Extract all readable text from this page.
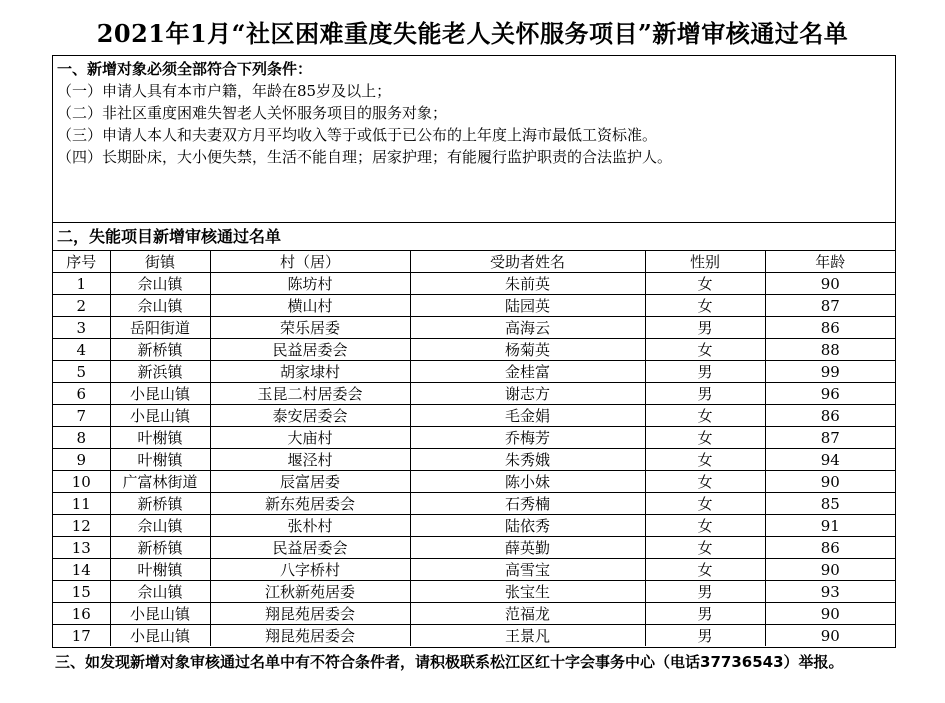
2021年1月“社区困难重度失能老人关怀服务项目”新增审核通过名单
一、新增对象必须全部符合下列条件：
（一）申请人具有本市户籍，年龄在85岁及以上；
（二）非社区重度困难失智老人关怀服务项目的服务对象；
（三）申请人本人和夫妻双方月平均收入等于或低于已公布的上年度上海市最低工资标准。
（四）长期卧床，大小便失禁，生活不能自理；居家护理；有能履行监护职责的合法监护人。
二，失能项目新增审核通过名单
序号	街镇	村（居）	受助者姓名	性别	年龄
1	佘山镇	陈坊村	朱前英	女	90
2	佘山镇	横山村	陆园英	女	87
3	岳阳街道	荣乐居委	高海云	男	86
4	新桥镇	民益居委会	杨菊英	女	88
5	新浜镇	胡家埭村	金桂富	男	99
6	小昆山镇	玉昆二村居委会	谢志方	男	96
7	小昆山镇	泰安居委会	毛金娟	女	86
8	叶榭镇	大庙村	乔梅芳	女	87
9	叶榭镇	堰泾村	朱秀娥	女	94
10	广富林街道	辰富居委	陈小妹	女	90
11	新桥镇	新东苑居委会	石秀楠	女	85
12	佘山镇	张朴村	陆依秀	女	91
13	新桥镇	民益居委会	薛英勤	女	86
14	叶榭镇	八字桥村	高雪宝	女	90
15	佘山镇	江秋新苑居委	张宝生	男	93
16	小昆山镇	翔昆苑居委会	范福龙	男	90
17	小昆山镇	翔昆苑居委会	王景凡	男	90
三、如发现新增对象审核通过名单中有不符合条件者，请积极联系松江区红十字会事务中心（电话37736543）举报。
